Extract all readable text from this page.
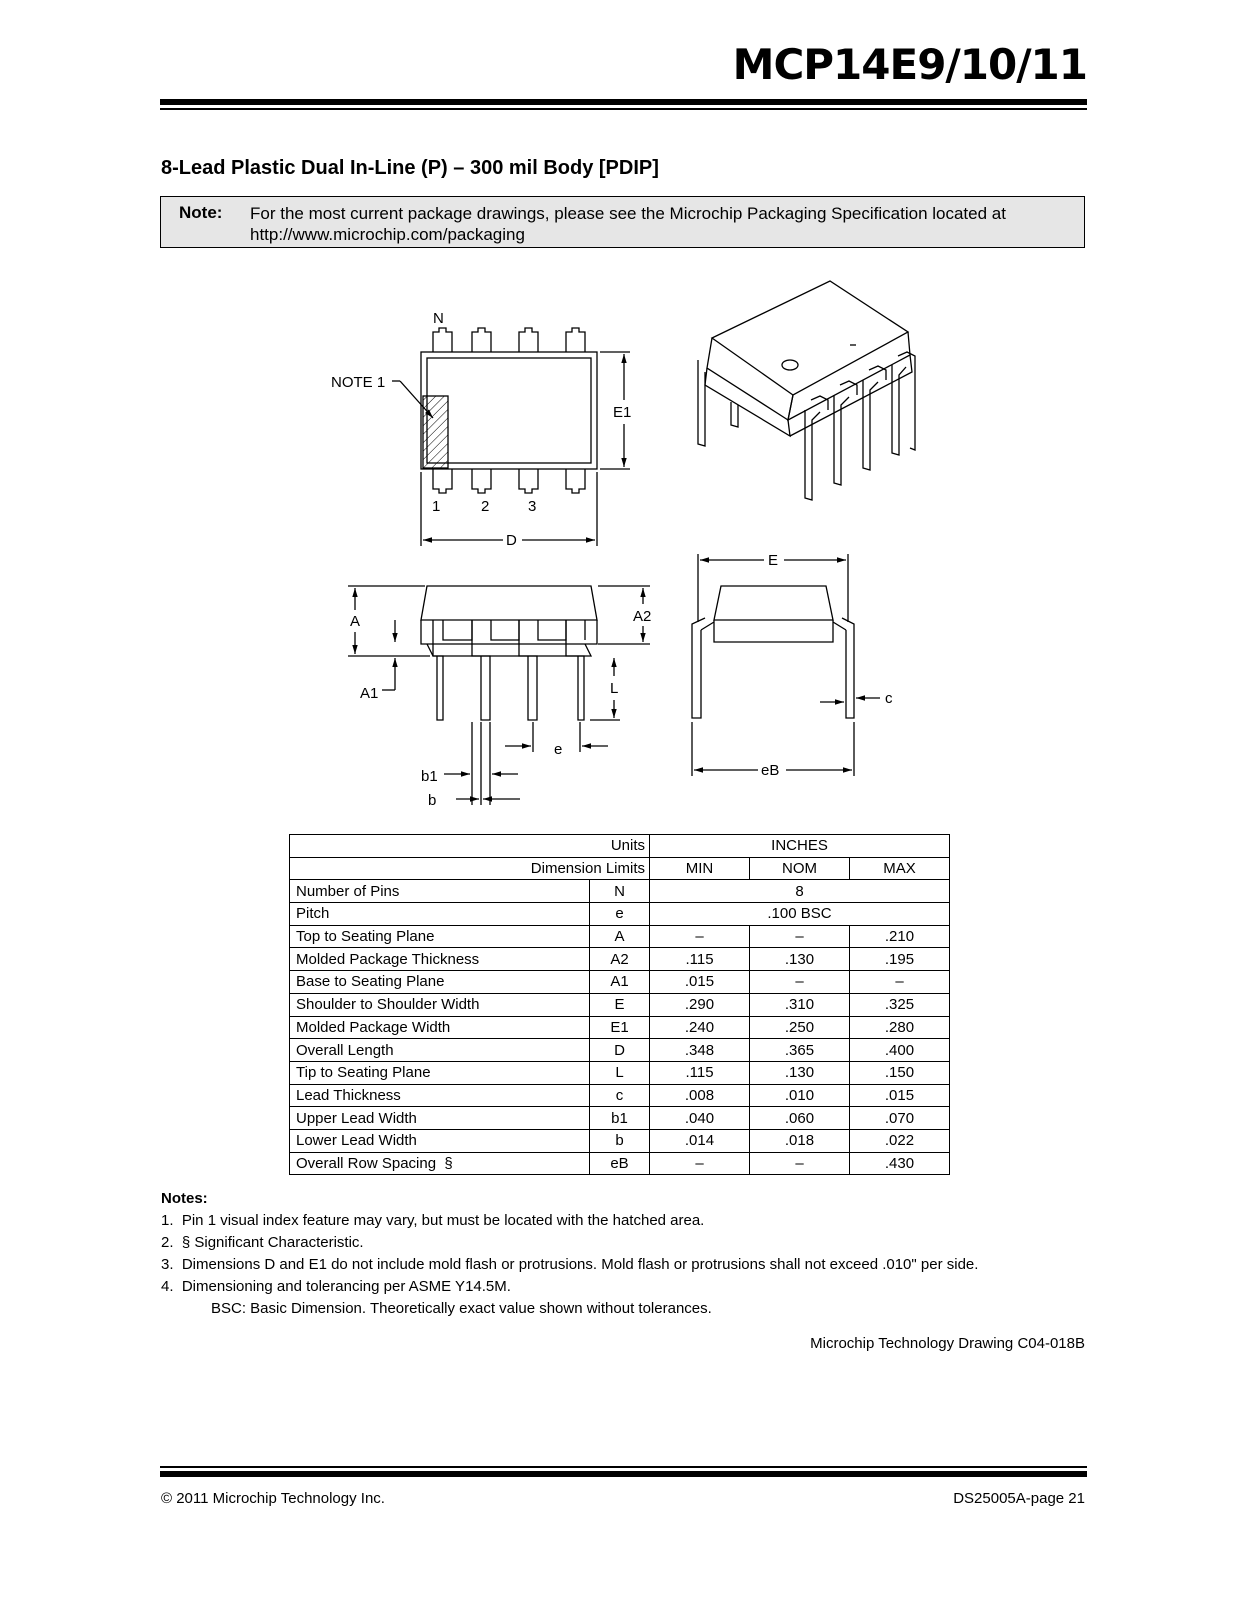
MCP14E9/10/11
8-Lead Plastic Dual In-Line (P) – 300 mil Body [PDIP]
Note: For the most current package drawings, please see the Microchip Packaging Specification located at
http://www.microchip.com/packaging
N
NOTE 1
E1
1	2	3
D
A	A2
A1	L
e
b1
b
E
c
eB
Units		INCHES		
Dimension Limits		MIN	NOM	MAX
Number of Pins	N	8		
Pitch	e	.100 BSC		
Top to Seating Plane	A	–	–	.210
Molded Package Thickness	A2	.115	.130	.195
Base to Seating Plane	A1	.015	–	–
Shoulder to Shoulder Width	E	.290	.310	.325
Molded Package Width	E1	.240	.250	.280
Overall Length	D	.348	.365	.400
Tip to Seating Plane	L	.115	.130	.150
Lead Thickness	c	.008	.010	.015
Upper Lead Width	b1	.040	.060	.070
Lower Lead Width	b	.014	.018	.022
Overall Row Spacing  §	eB	–	–	.430
Notes:
1.  Pin 1 visual index feature may vary, but must be located with the hatched area.
2.  § Significant Characteristic.
3.  Dimensions D and E1 do not include mold flash or protrusions. Mold flash or protrusions shall not exceed .010" per side.
4.  Dimensioning and tolerancing per ASME Y14.5M.
BSC: Basic Dimension. Theoretically exact value shown without tolerances.
Microchip Technology Drawing C04-018B
© 2011 Microchip Technology Inc.	DS25005A-page 21
